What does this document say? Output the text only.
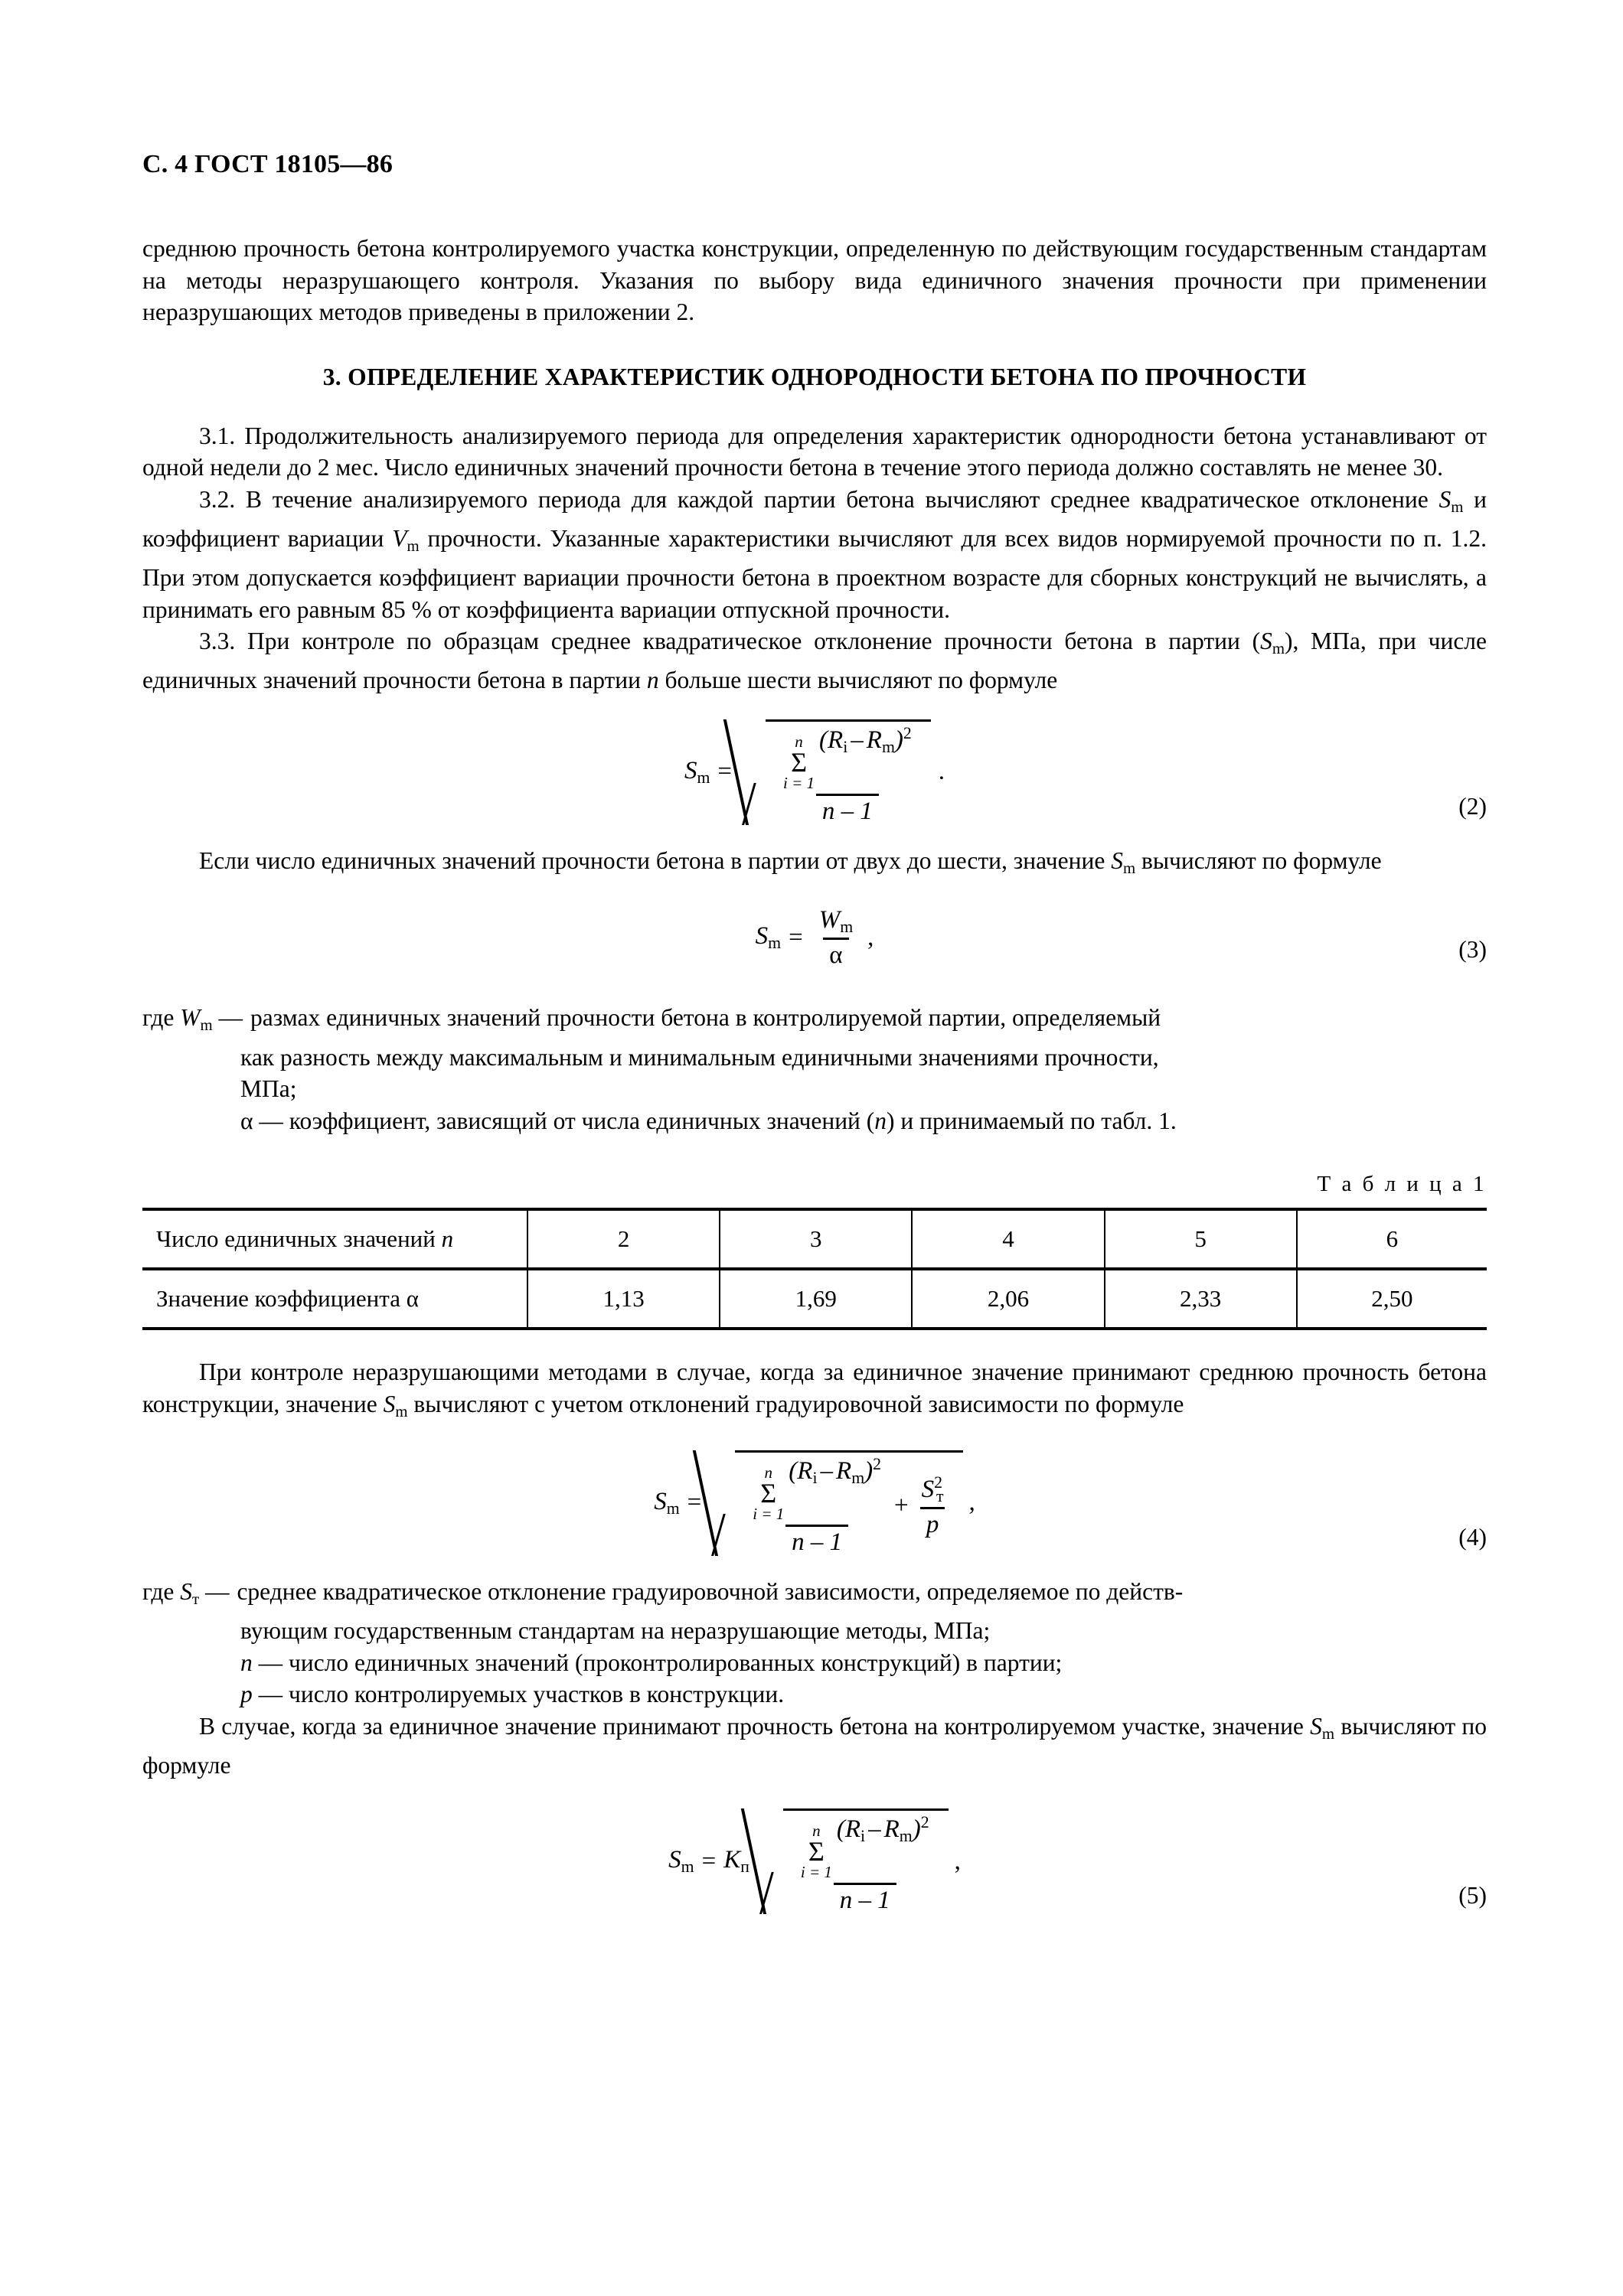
С. 4 ГОСТ 18105—86

среднюю прочность бетона контролируемого участка конструкции, определенную по действующим государственным стандартам на методы неразрушающего контроля. Указания по выбору вида единичного значения прочности при применении неразрушающих методов приведены в приложении 2.

3. ОПРЕДЕЛЕНИЕ ХАРАКТЕРИСТИК ОДНОРОДНОСТИ БЕТОНА ПО ПРОЧНОСТИ

3.1. Продолжительность анализируемого периода для определения характеристик однородности бетона устанавливают от одной недели до 2 мес. Число единичных значений прочности бетона в течение этого периода должно составлять не менее 30.

3.2. В течение анализируемого периода для каждой партии бетона вычисляют среднее квадратическое отклонение $S_m$ и коэффициент вариации $V_m$ прочности. Указанные характеристики вычисляют для всех видов нормируемой прочности по п. 1.2. При этом допускается коэффициент вариации прочности бетона в проектном возрасте для сборных конструкций не вычислять, а принимать его равным 85 % от коэффициента вариации отпускной прочности.

3.3. При контроле по образцам среднее квадратическое отклонение прочности бетона в партии $(S_m)$, МПа, при числе единичных значений прочности бетона в партии n больше шести вычисляют по формуле

$S_m$ =
n
Σ
i = 1
$(R_i - R_m)^2$
n – 1
.
(2)

Если число единичных значений прочности бетона в партии от двух до шести, значение $S_m$ вычисляют по формуле

$S_m = \frac{W_m}{\alpha}$ ,	(3)
где $W_m$ — размах единичных значений прочности бетона в контролируемой партии, определяемый
как разность между максимальным и минимальным единичными значениями прочности,
МПа;
α — коэффициент, зависящий от числа единичных значений (n) и принимаемый по табл. 1.
Т а б л и ц а 1
Число единичных значений n	2	3	4	5	6
Значение коэффициента α	1,13	1,69	2,06	2,33	2,50

При контроле неразрушающими методами в случае, когда за единичное значение принимают среднюю прочность бетона конструкции, значение $S_m$ вычисляют с учетом отклонений градуировочной зависимости по формуле

$S_m$ =
n
Σ
i = 1
$(R_i - R_m)^2$
n – 1
+ $\frac{S^2_т}{p}$ ,
(4)
где $S_т$ — среднее квадратическое отклонение градуировочной зависимости, определяемое по действ-
вующим государственным стандартам на неразрушающие методы, МПа;
n — число единичных значений (проконтролированных конструкций) в партии;
p — число контролируемых участков в конструкции.

В случае, когда за единичное значение принимают прочность бетона на контролируемом участке, значение $S_m$ вычисляют по формуле

$S_m = K_п$
n
Σ
i = 1
$(R_i - R_m)^2$
n – 1
,
(5)
